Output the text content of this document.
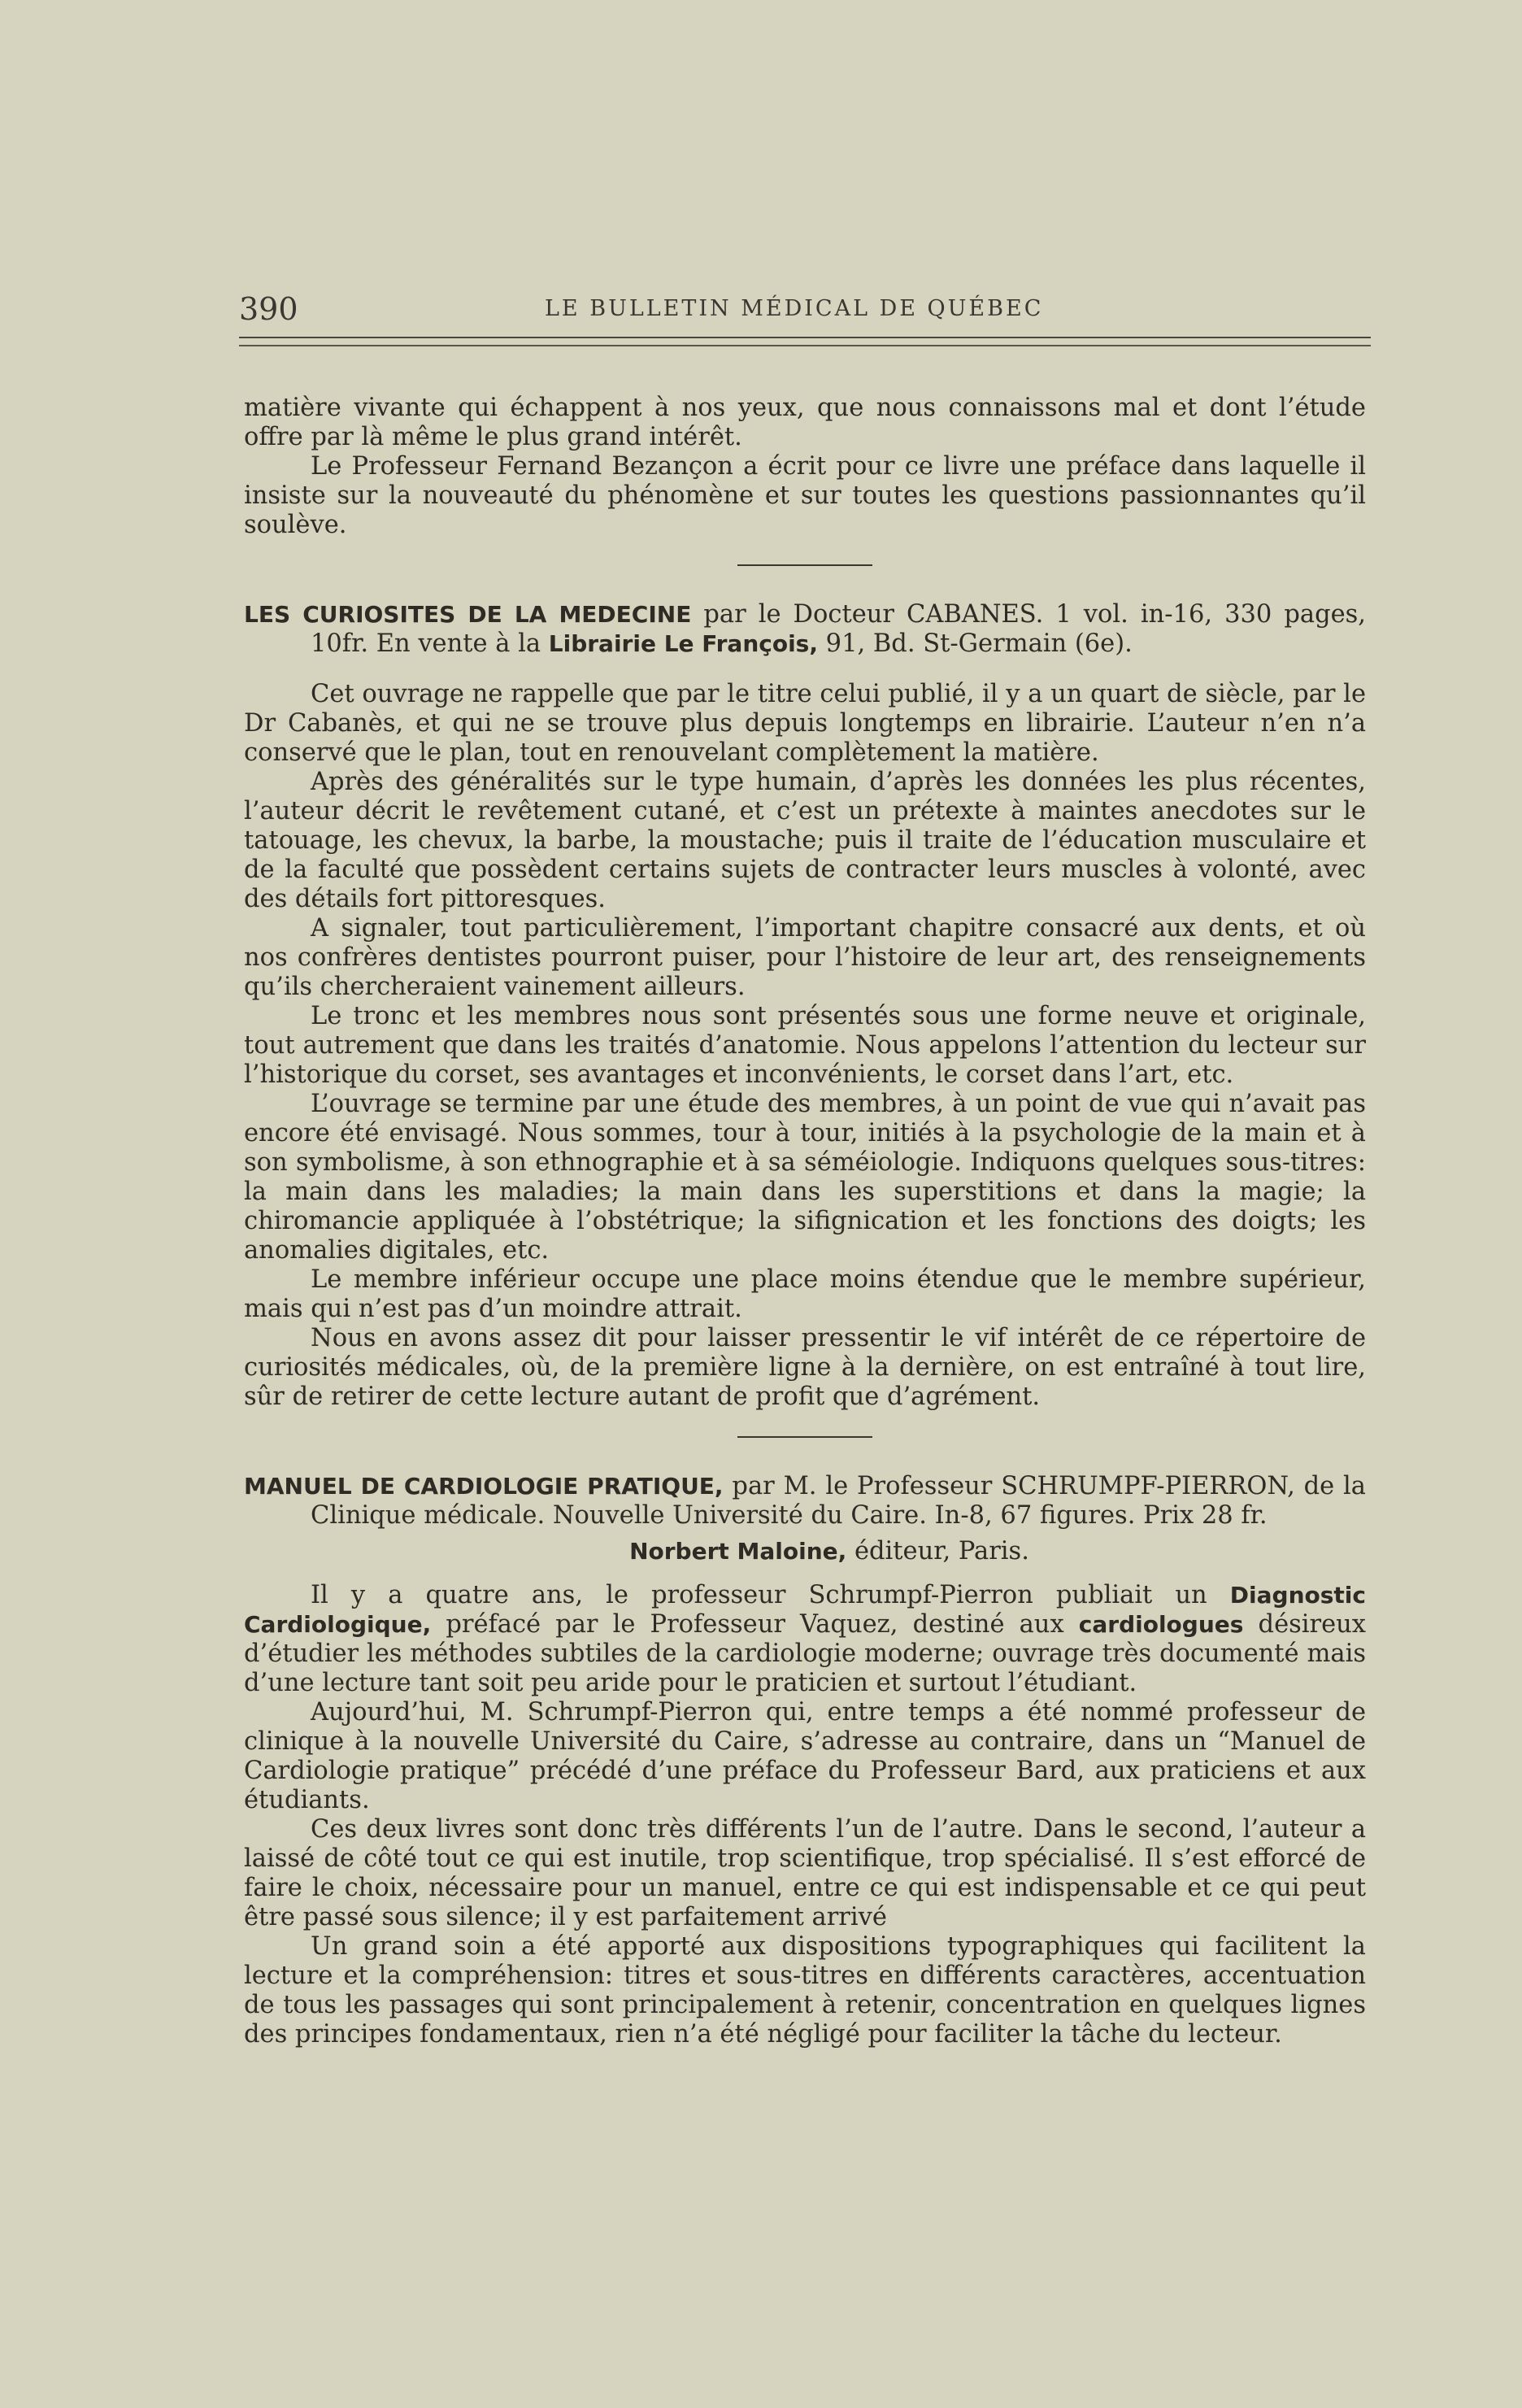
390	LE BULLETIN MÉDICAL DE QUÉBEC

matière vivante qui échappent à nos yeux, que nous connaissons mal et dont l’étude offre par là même le plus grand intérêt.

Le Professeur Fernand Bezançon a écrit pour ce livre une préface dans laquelle il insiste sur la nouveauté du phénomène et sur toutes les questions passionnantes qu’il soulève.

LES CURIOSITES DE LA MEDECINE par le Docteur CABANES. 1 vol. in-16, 330 pages, 10fr. En vente à la Librairie Le François, 91, Bd. St-Germain (6e).

Cet ouvrage ne rappelle que par le titre celui publié, il y a un quart de siècle, par le Dr Cabanès, et qui ne se trouve plus depuis longtemps en librairie. L’auteur n’en n’a conservé que le plan, tout en renouvelant complètement la matière.

Après des généralités sur le type humain, d’après les données les plus récentes, l’auteur décrit le revêtement cutané, et c’est un prétexte à maintes anecdotes sur le tatouage, les chevux, la barbe, la moustache; puis il traite de l’éducation musculaire et de la faculté que possèdent certains sujets de contracter leurs muscles à volonté, avec des détails fort pittoresques.

A signaler, tout particulièrement, l’important chapitre consacré aux dents, et où nos confrères dentistes pourront puiser, pour l’histoire de leur art, des renseignements qu’ils chercheraient vainement ailleurs.

Le tronc et les membres nous sont présentés sous une forme neuve et originale, tout autrement que dans les traités d’anatomie. Nous appelons l’attention du lecteur sur l’historique du corset, ses avantages et inconvénients, le corset dans l’art, etc.

L’ouvrage se termine par une étude des membres, à un point de vue qui n’avait pas encore été envisagé. Nous sommes, tour à tour, initiés à la psychologie de la main et à son symbolisme, à son ethnographie et à sa séméiologie. Indiquons quelques sous-titres: la main dans les maladies; la main dans les superstitions et dans la magie; la chiromancie appliquée à l’obstétrique; la sifignication et les fonctions des doigts; les anomalies digitales, etc.

Le membre inférieur occupe une place moins étendue que le membre supérieur, mais qui n’est pas d’un moindre attrait.

Nous en avons assez dit pour laisser pressentir le vif intérêt de ce répertoire de curiosités médicales, où, de la première ligne à la dernière, on est entraîné à tout lire, sûr de retirer de cette lecture autant de profit que d’agrément.

MANUEL DE CARDIOLOGIE PRATIQUE, par M. le Professeur SCHRUMPF-PIERRON, de la Clinique médicale. Nouvelle Université du Caire. In-8, 67 figures. Prix 28 fr.

Norbert Maloine, éditeur, Paris.

Il y a quatre ans, le professeur Schrumpf-Pierron publiait un Diagnostic Cardiologique, préfacé par le Professeur Vaquez, destiné aux cardiologues désireux d’étudier les méthodes subtiles de la cardiologie moderne; ouvrage très documenté mais d’une lecture tant soit peu aride pour le praticien et surtout l’étudiant.

Aujourd’hui, M. Schrumpf-Pierron qui, entre temps a été nommé professeur de clinique à la nouvelle Université du Caire, s’adresse au contraire, dans un “Manuel de Cardiologie pratique” précédé d’une préface du Professeur Bard, aux praticiens et aux étudiants.

Ces deux livres sont donc très différents l’un de l’autre. Dans le second, l’auteur a laissé de côté tout ce qui est inutile, trop scientifique, trop spécialisé. Il s’est efforcé de faire le choix, nécessaire pour un manuel, entre ce qui est indispensable et ce qui peut être passé sous silence; il y est parfaitement arrivé

Un grand soin a été apporté aux dispositions typographiques qui facilitent la lecture et la compréhension: titres et sous-titres en différents caractères, accentuation de tous les passages qui sont principalement à retenir, concentration en quelques lignes des principes fondamentaux, rien n’a été négligé pour faciliter la tâche du lecteur.
